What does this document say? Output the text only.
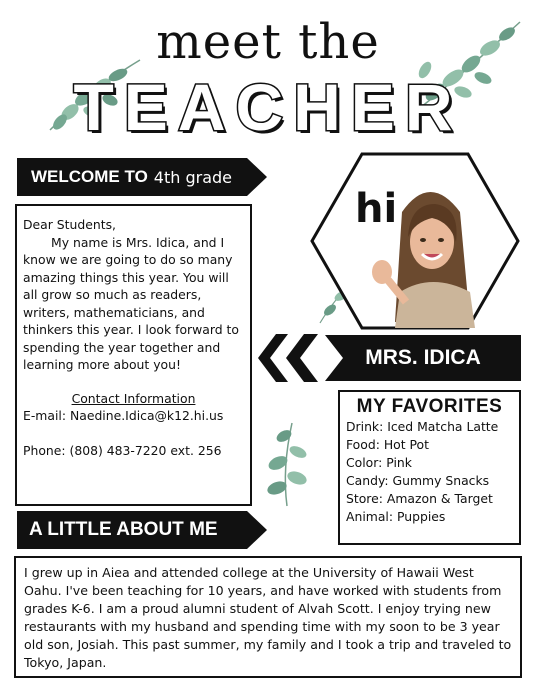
meet the
TEACHER
WELCOME TO 4th grade

Dear Students,

My name is Mrs. Idica, and I know we are going to do so many amazing things this year. You will all grow so much as readers, writers, mathematicians, and thinkers this year. I look forward to spending the year together and learning more about you!

Contact Information

E-mail: Naedine.Idica@k12.hi.us

Phone: (808) 483-7220 ext. 256

hi
MRS. IDICA
MY FAVORITES
Drink: Iced Matcha Latte
Food: Hot Pot
Color: Pink
Candy: Gummy Snacks
Store: Amazon & Target
Animal: Puppies
A LITTLE ABOUT ME
I grew up in Aiea and attended college at the University of Hawaii West Oahu. I've been teaching for 10 years, and have worked with students from grades K-6. I am a proud alumni student of Alvah Scott. I enjoy trying new restaurants with my husband and spending time with my soon to be 3 year old son, Josiah. This past summer, my family and I took a trip and traveled to Tokyo, Japan.
